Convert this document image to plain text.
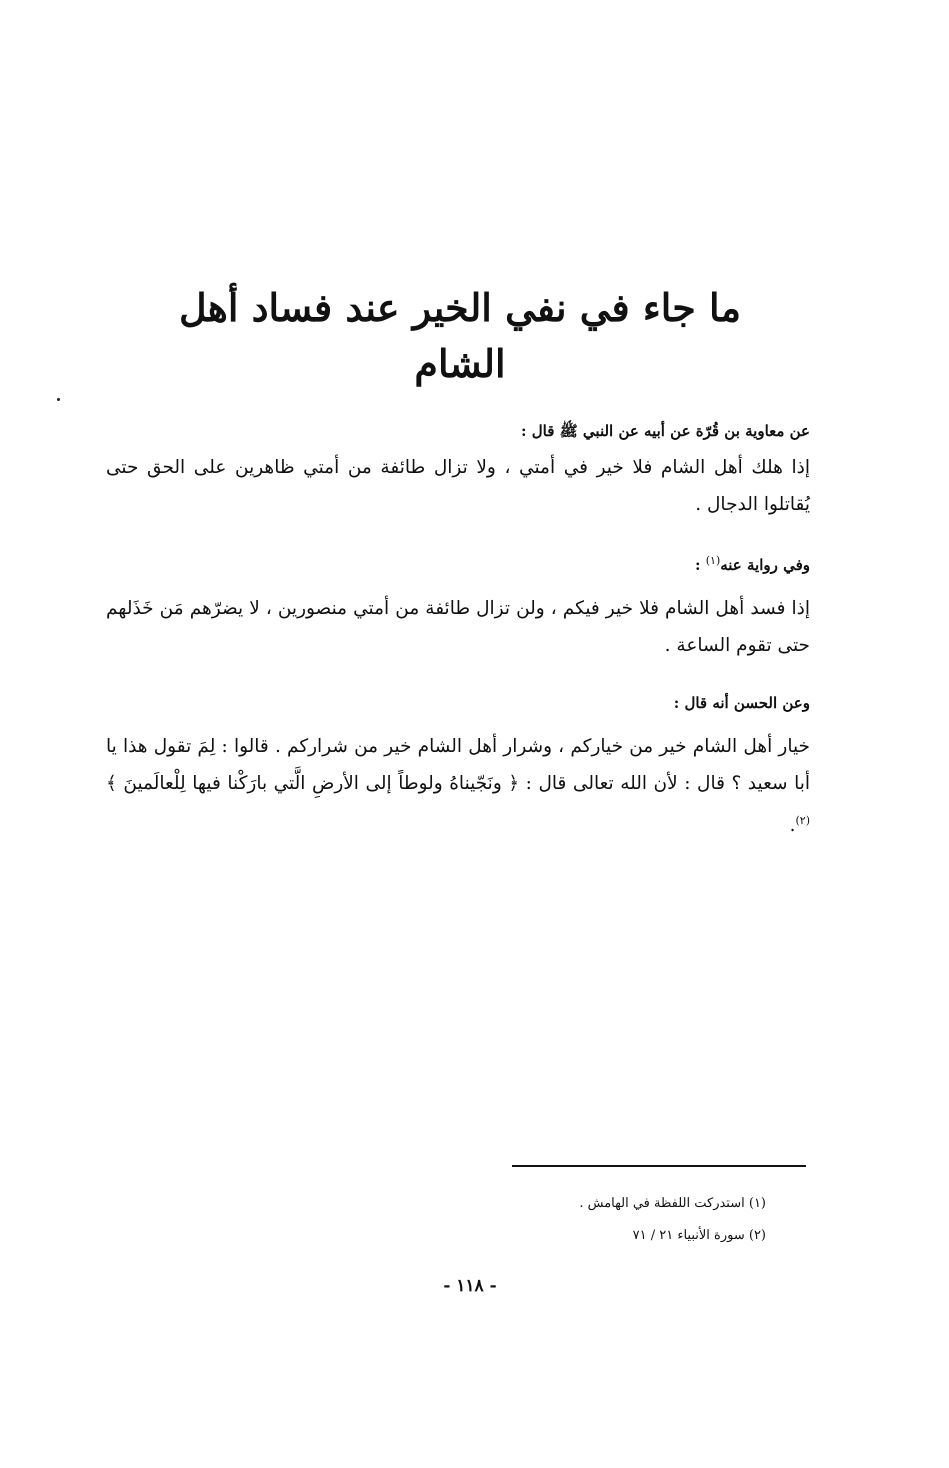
ما جاء في نفي الخير عند فساد أهل الشام

عن معاوية بن قُرّة عن أبيه عن النبي ﷺ قال :

إذا هلك أهل الشام فلا خير في أمتي ، ولا تزال طائفة من أمتي ظاهرين على الحق حتى يُقاتلوا الدجال .

وفي رواية عنه$^{(١)}$ :

إذا فسد أهل الشام فلا خير فيكم ، ولن تزال طائفة من أمتي منصورين ، لا يضرّهم مَن خَذَلهم حتى تقوم الساعة .

وعن الحسن أنه قال :

خيار أهل الشام خير من خياركم ، وشرار أهل الشام خير من شراركم . قالوا : لِمَ تقول هذا يا أبا سعيد ؟ قال : لأن الله تعالى قال : ﴿ ونَجّيناهُ ولوطاً إلى الأرضِ الَّتي بارَكْنا فيها لِلْعالَمينَ ﴾$^{(٢)}$.

(١) استدركت اللفظة في الهامش .
(٢) سورة الأنبياء ٢١ / ٧١
- ١١٨ -
